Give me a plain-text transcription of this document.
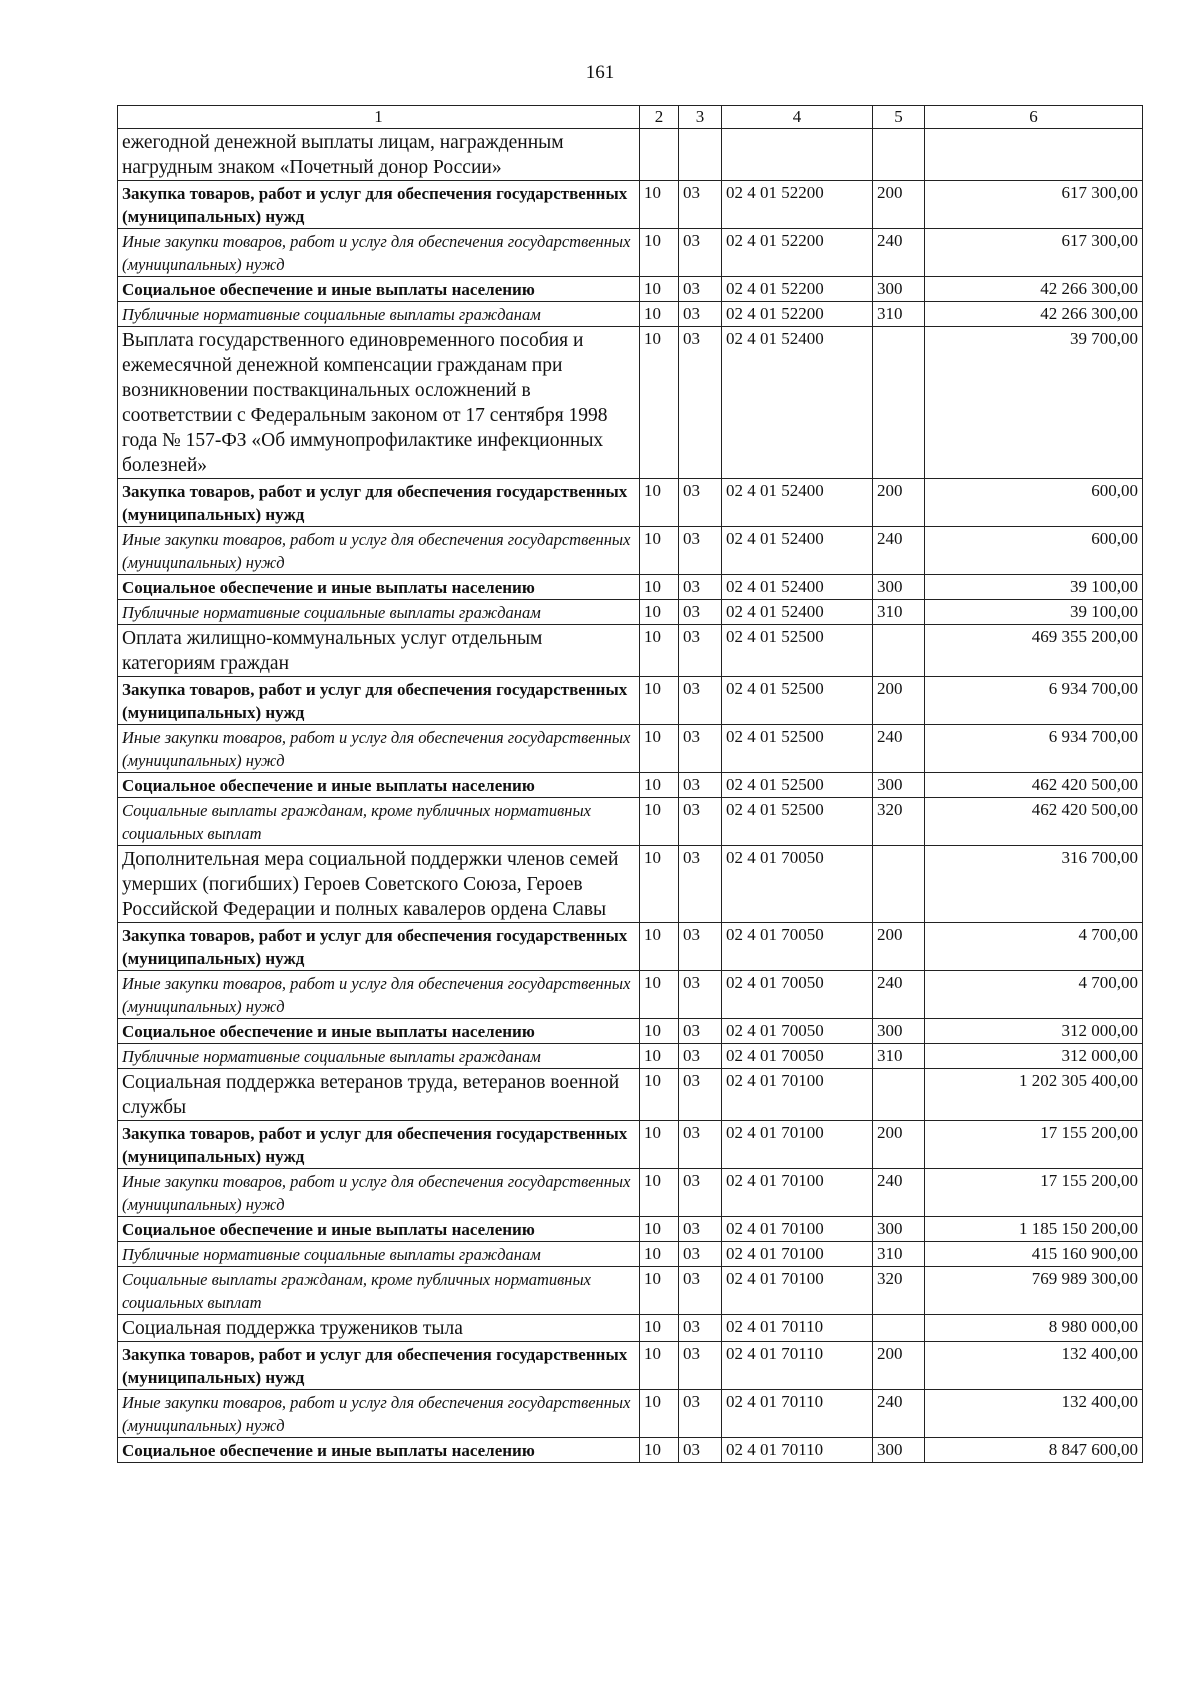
161
1	2	3	4	5	6
ежегодной денежной выплаты лицам, награжденным нагрудным знаком «Почетный донор России»					
Закупка товаров, работ и услуг для обеспечения государственных (муниципальных) нужд	10	03	02 4 01 52200	200	617 300,00
Иные закупки товаров, работ и услуг для обеспечения государственных (муниципальных) нужд	10	03	02 4 01 52200	240	617 300,00
Социальное обеспечение и иные выплаты населению	10	03	02 4 01 52200	300	42 266 300,00
Публичные нормативные социальные выплаты гражданам	10	03	02 4 01 52200	310	42 266 300,00
Выплата государственного единовременного пособия и ежемесячной денежной компенсации гражданам при возникновении поствакцинальных осложнений в соответствии с Федеральным законом от 17 сентября 1998 года № 157-ФЗ «Об иммунопрофилактике инфекционных болезней»	10	03	02 4 01 52400		39 700,00
Закупка товаров, работ и услуг для обеспечения государственных (муниципальных) нужд	10	03	02 4 01 52400	200	600,00
Иные закупки товаров, работ и услуг для обеспечения государственных (муниципальных) нужд	10	03	02 4 01 52400	240	600,00
Социальное обеспечение и иные выплаты населению	10	03	02 4 01 52400	300	39 100,00
Публичные нормативные социальные выплаты гражданам	10	03	02 4 01 52400	310	39 100,00
Оплата жилищно-коммунальных услуг отдельным категориям граждан	10	03	02 4 01 52500		469 355 200,00
Закупка товаров, работ и услуг для обеспечения государственных (муниципальных) нужд	10	03	02 4 01 52500	200	6 934 700,00
Иные закупки товаров, работ и услуг для обеспечения государственных (муниципальных) нужд	10	03	02 4 01 52500	240	6 934 700,00
Социальное обеспечение и иные выплаты населению	10	03	02 4 01 52500	300	462 420 500,00
Социальные выплаты гражданам, кроме публичных нормативных социальных выплат	10	03	02 4 01 52500	320	462 420 500,00
Дополнительная мера социальной поддержки членов семей умерших (погибших) Героев Советского Союза, Героев Российской Федерации и полных кавалеров ордена Славы	10	03	02 4 01 70050		316 700,00
Закупка товаров, работ и услуг для обеспечения государственных (муниципальных) нужд	10	03	02 4 01 70050	200	4 700,00
Иные закупки товаров, работ и услуг для обеспечения государственных (муниципальных) нужд	10	03	02 4 01 70050	240	4 700,00
Социальное обеспечение и иные выплаты населению	10	03	02 4 01 70050	300	312 000,00
Публичные нормативные социальные выплаты гражданам	10	03	02 4 01 70050	310	312 000,00
Социальная поддержка ветеранов труда, ветеранов военной службы	10	03	02 4 01 70100		1 202 305 400,00
Закупка товаров, работ и услуг для обеспечения государственных (муниципальных) нужд	10	03	02 4 01 70100	200	17 155 200,00
Иные закупки товаров, работ и услуг для обеспечения государственных (муниципальных) нужд	10	03	02 4 01 70100	240	17 155 200,00
Социальное обеспечение и иные выплаты населению	10	03	02 4 01 70100	300	1 185 150 200,00
Публичные нормативные социальные выплаты гражданам	10	03	02 4 01 70100	310	415 160 900,00
Социальные выплаты гражданам, кроме публичных нормативных социальных выплат	10	03	02 4 01 70100	320	769 989 300,00
Социальная поддержка тружеников тыла	10	03	02 4 01 70110		8 980 000,00
Закупка товаров, работ и услуг для обеспечения государственных (муниципальных) нужд	10	03	02 4 01 70110	200	132 400,00
Иные закупки товаров, работ и услуг для обеспечения государственных (муниципальных) нужд	10	03	02 4 01 70110	240	132 400,00
Социальное обеспечение и иные выплаты населению	10	03	02 4 01 70110	300	8 847 600,00
